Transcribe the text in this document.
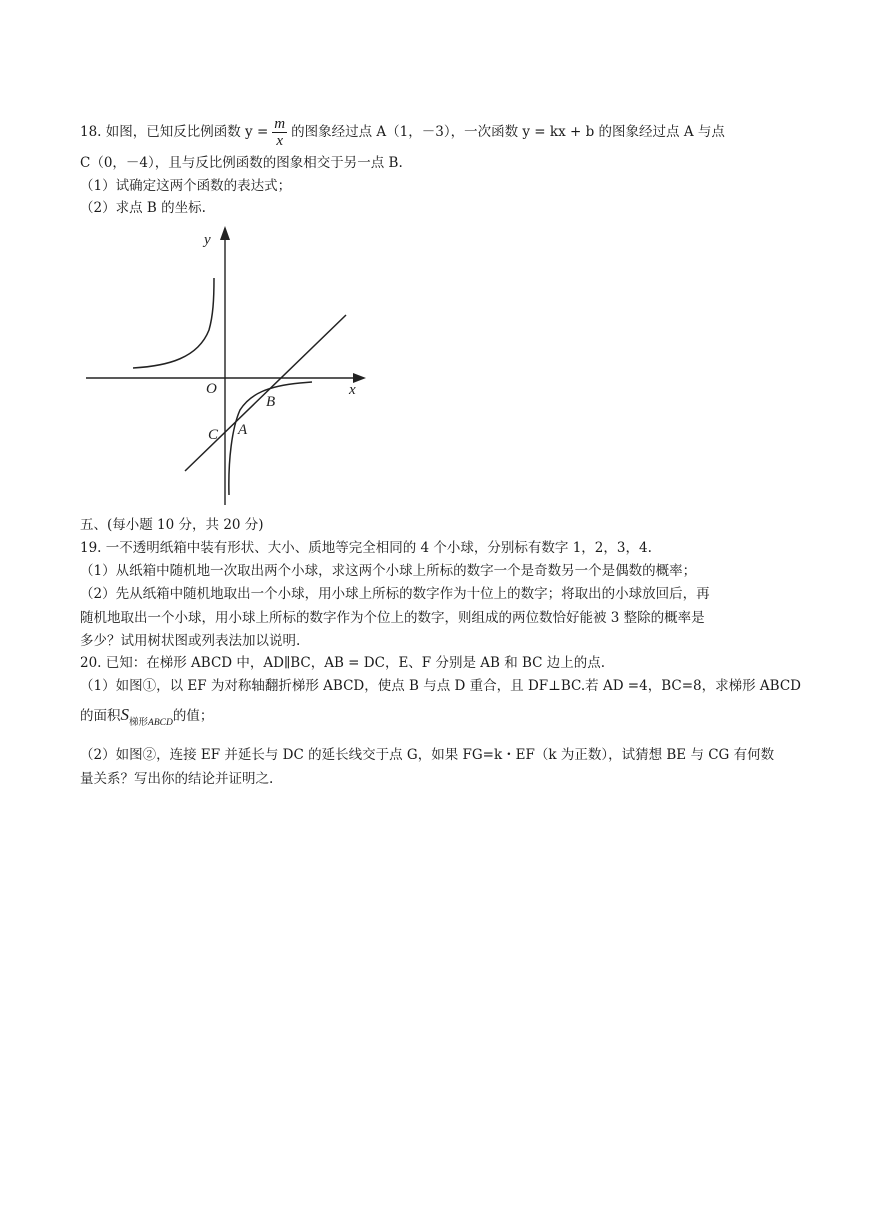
18. 如图，已知反比例函数 $y = \frac{m}{x}$ 的图象经过点 A（1，－3），一次函数 y = kx + b 的图象经过点 A 与点
C（0，－4），且与反比例函数的图象相交于另一点 B.
（1）试确定这两个函数的表达式；
（2）求点 B 的坐标.
y
x
O
B
C A
五、(每小题 10 分，共 20 分)
19. 一不透明纸箱中装有形状、大小、质地等完全相同的 4 个小球，分别标有数字 1，2，3，4.
（1）从纸箱中随机地一次取出两个小球，求这两个小球上所标的数字一个是奇数另一个是偶数的概率；
（2）先从纸箱中随机地取出一个小球，用小球上所标的数字作为十位上的数字；将取出的小球放回后，再
随机地取出一个小球，用小球上所标的数字作为个位上的数字，则组成的两位数恰好能被 3 整除的概率是
多少？试用树状图或列表法加以说明.
20. 已知：在梯形 ABCD 中，AD∥BC，AB = DC，E、F 分别是 AB 和 BC 边上的点.
（1）如图①，以 EF 为对称轴翻折梯形 ABCD，使点 B 与点 D 重合，且 DF⊥BC.若 AD =4，BC=8，求梯形 ABCD
的面积$S_{梯形ABCD}$的值；
（2）如图②，连接 EF 并延长与 DC 的延长线交于点 G，如果 FG=k・EF（k 为正数），试猜想 BE 与 CG 有何数
量关系？写出你的结论并证明之.
